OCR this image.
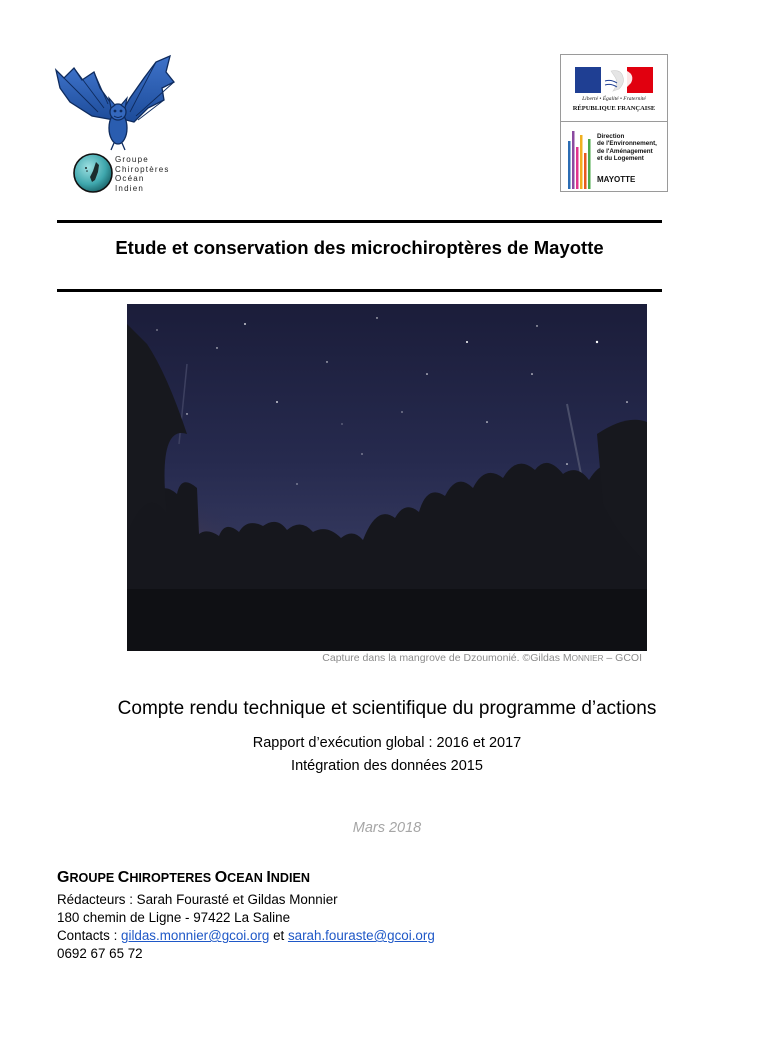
Groupe
Chiroptères
Océan
Indien
Liberté • Égalité • Fraternité
RÉPUBLIQUE FRANÇAISE
Direction
de l'Environnement,
de l'Aménagement
et du Logement
MAYOTTE
Etude et conservation des microchiroptères de Mayotte
Capture dans la mangrove de Dzoumonié. ©Gildas MONNIER – GCOI
Compte rendu technique et scientifique du programme d’actions
Rapport d’exécution global : 2016 et 2017
Intégration des données 2015
Mars 2018
GROUPE CHIROPTERES OCEAN INDIEN
Rédacteurs : Sarah Fourasté et Gildas Monnier
180 chemin de Ligne - 97422 La Saline
Contacts : gildas.monnier@gcoi.org et sarah.fouraste@gcoi.org
0692 67 65 72
